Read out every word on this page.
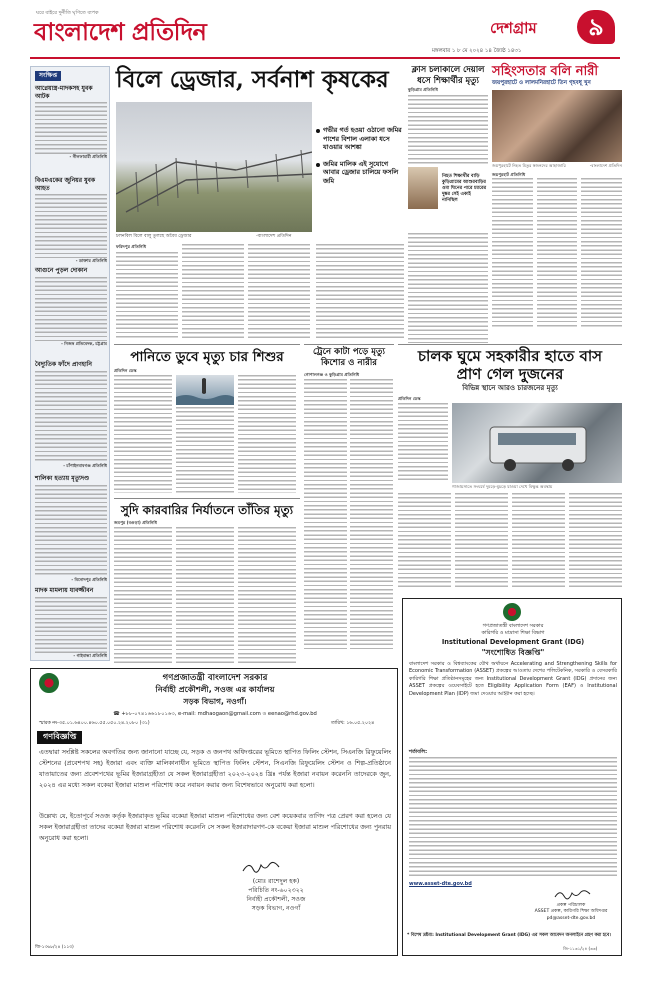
ঘরে বাইরে দুর্নীতি ঘৃণিতে ব্যপক
বাংলাদেশ প্রতিদিন	দেশগ্রাম	৯
মঙ্গলবার ১ ৮ মে ২০২৪ ১৪ জ্যৈষ্ঠ ১৪৩১
সংক্ষিপ্ত
আগ্নেয়াস্ত্র-মাদকসহ যুবক আটক
- নীলফামারী প্রতিনিধি
বিএমএকের জুনিয়র যুবক আহত
- ডাক্তার প্রতিনিধি
আগুনে পুড়ল দোকান
- নিজস্ব প্রতিবেদক, চট্টগ্রাম
বৈদ্যুতিক ফাঁদে প্রাণহানি
- চাঁপাইনবাবগঞ্জ প্রতিনিধি
শালিকা হত্যায় মৃত্যুদণ্ড
- বিনোদপুর প্রতিনিধি
মাদক মামলায় যাবজ্জীবন
- গাইবান্ধা প্রতিনিধি
বিলে ড্রেজার, সর্বনাশ কৃষকের
চলনবিল বিলে বালু তুলছে অবৈধ ড্রেজার	-বাংলাদেশ প্রতিদিন
গভীর গর্ত হওয়া ওঠানো জমির পাশের বিশাল এলাকা ধসে যাওয়ার আশঙ্কা
জমির মালিক এই সুযোগে আবার ড্রেজার চালিয়ে ফসলি জমি
ফরিদপুর প্রতিনিধি
ক্লাস চলাকালে দেয়াল ধসে শিক্ষার্থীর মৃত্যু
কুড়িগ্রাম প্রতিনিধি
নিহত শিক্ষার্থীর বাড়ি কুড়িগ্রামের আশুরবাড়ির ওমা ঘিনের পারে চ্যারের দুষ্কর সেই একাই নানিছিল
সহিংসতার বলি নারী
জয়পুরহাটে ও লালমনিরহাটে তিন গৃহবধূ খুন
জয়পুরহাটে নিহত মিতুর স্বজনদের আহাজারি	-বাংলাদেশ প্রতিদিন
জয়পুরহাট প্রতিনিধি
পানিতে ডুবে মৃত্যু চার শিশুর
প্রতিদিন ডেস্ক
ট্রেনে কাটা পড়ে মৃত্যু কিশোর ও নারীর
গোপালগঞ্জ ও কুড়িগ্রাম প্রতিনিধি
চালক ঘুমে সহকারীর হাতে বাস
প্রাণ গেল দুজনের
বিভিন্ন স্থানে আরও চারজনের মৃত্যু
প্রতিদিন ডেস্ক
গাজায়সাতে সংঘর্ষে দুমড়ে-মুচড়ে যাওয়া দেখে বিক্ষুব্ধ অবস্থায়
সুদি কারবারির নির্যাতনে তাঁতির মৃত্যু
জমপুর (বগুড়া) প্রতিনিধি
গণপ্রজাতন্ত্রী বাংলাদেশ সরকার
নির্বাহী প্রকৌশলী, সওজ এর কার্যালয়
সড়ক বিভাগ, নওগাঁ।
☎ +৮৮-০৭৪১৬৬১৮০১৬৩, e-mail: mdhaogaon@gmail.com ও eenao@rhd.gov.bd
স্মারক নং-৩৫.০১.৬৪০০.৪৬০.৫৫.০৫০.২৪.২০৮০ (৩১)	তারিখ: ১৬.০৫.২০২৪
গণবিজ্ঞপ্তি
এতদ্বারা সংশ্লিষ্ট সকলের অবগতির জন্য জানানো যাচ্ছে যে, সড়ক ও জনপথ অধিদপ্তরের ভূমিতে স্থাপিত ফিলিং স্টেশন, সিএনজি রিফুয়েলিং স্টেশনের (প্রবেশপথ সহ) ইজারা এবং ব্যক্তি মালিকানাধীন ভূমিতে স্থাপিত ফিলিং স্টেশন, সিএনজি রিফুয়েলিং স্টেশন ও শিল্প-প্রতিষ্ঠানে যাতায়াতের জন্য প্রবেশপথের ভূমির ইজারাগ্রহীতা যে সকল ইজারাগ্রহীতা ২০২৩-২০২৪ খ্রিঃ পর্যন্ত ইজারা নবায়ন করেননি তাদেরকে জুন, ২০২৪ এর মধ্যে সকল বকেয়া ইজারা মাশুল পরিশোধ করে নবায়ন করার জন্য বিশেষভাবে অনুরোধ করা হলো।
উল্লেখ্য যে, ইতোপূর্বে সওজ কর্তৃক ইজারাকৃত ভূমির বকেয়া ইজারা মাশুল পরিশোধের জন্য বেশ কয়েকবার তাগিদ পত্র প্রেরণ করা হলেও যে সকল ইজারাগ্রহীতা তাদের বকেয়া ইজারা মাশুল পরিশোধ করেননি সে সকল ইজারাদারগণ-কে বকেয়া ইজারা মাশুল পরিশোধের জন্য পুনরায় অনুরোধ করা হলো।
(মোঃ রাশেদুল হক)
পরিচিতি নং-৬০২৩২২
নির্বাহী প্রকৌশলী, সওজ
সড়ক বিভাগ, নওগাঁ
জি-১৩৬৮/২৪ (১১৩)
গণপ্রজাতন্ত্রী বাংলাদেশ সরকার
কারিগরি ও মাদ্রাসা শিক্ষা বিভাগ
Institutional Development Grant (IDG)
"সংশোধিত বিজ্ঞপ্তি"
বাংলাদেশ সরকার ও বিশ্বব্যাংকের যৌথ অর্থায়নে Accelerating and Strengthening Skills for Economic Transformation (ASSET) প্রকল্পের আওতায় দেশের পলিটেকনিক, সরকারি ও বেসরকারি কারিগরি শিক্ষা প্রতিষ্ঠানসমূহের জন্য Institutional Development Grant (IDG) প্রদানের জন্য ASSET প্রকল্পের ওয়েবসাইটে হতে Eligibility Application Form (EAF) ও Institutional Development Plan (IDP) জমা দেওয়ার আহ্বান করা হচ্ছে।
শর্তাবলি:
www.asset-dte.gov.bd
প্রকল্প পরিচালক
ASSET প্রকল্প, কারিগরি শিক্ষা অধিদপ্তর
pd@asset-dte.gov.bd
* বিশেষ দ্রষ্টব্য: Institutional Development Grant (IDG) এর সকল আবেদন অনলাইনে গ্রহণ করা হবে।
জি-১১৩১/২৪ (৩৩)
